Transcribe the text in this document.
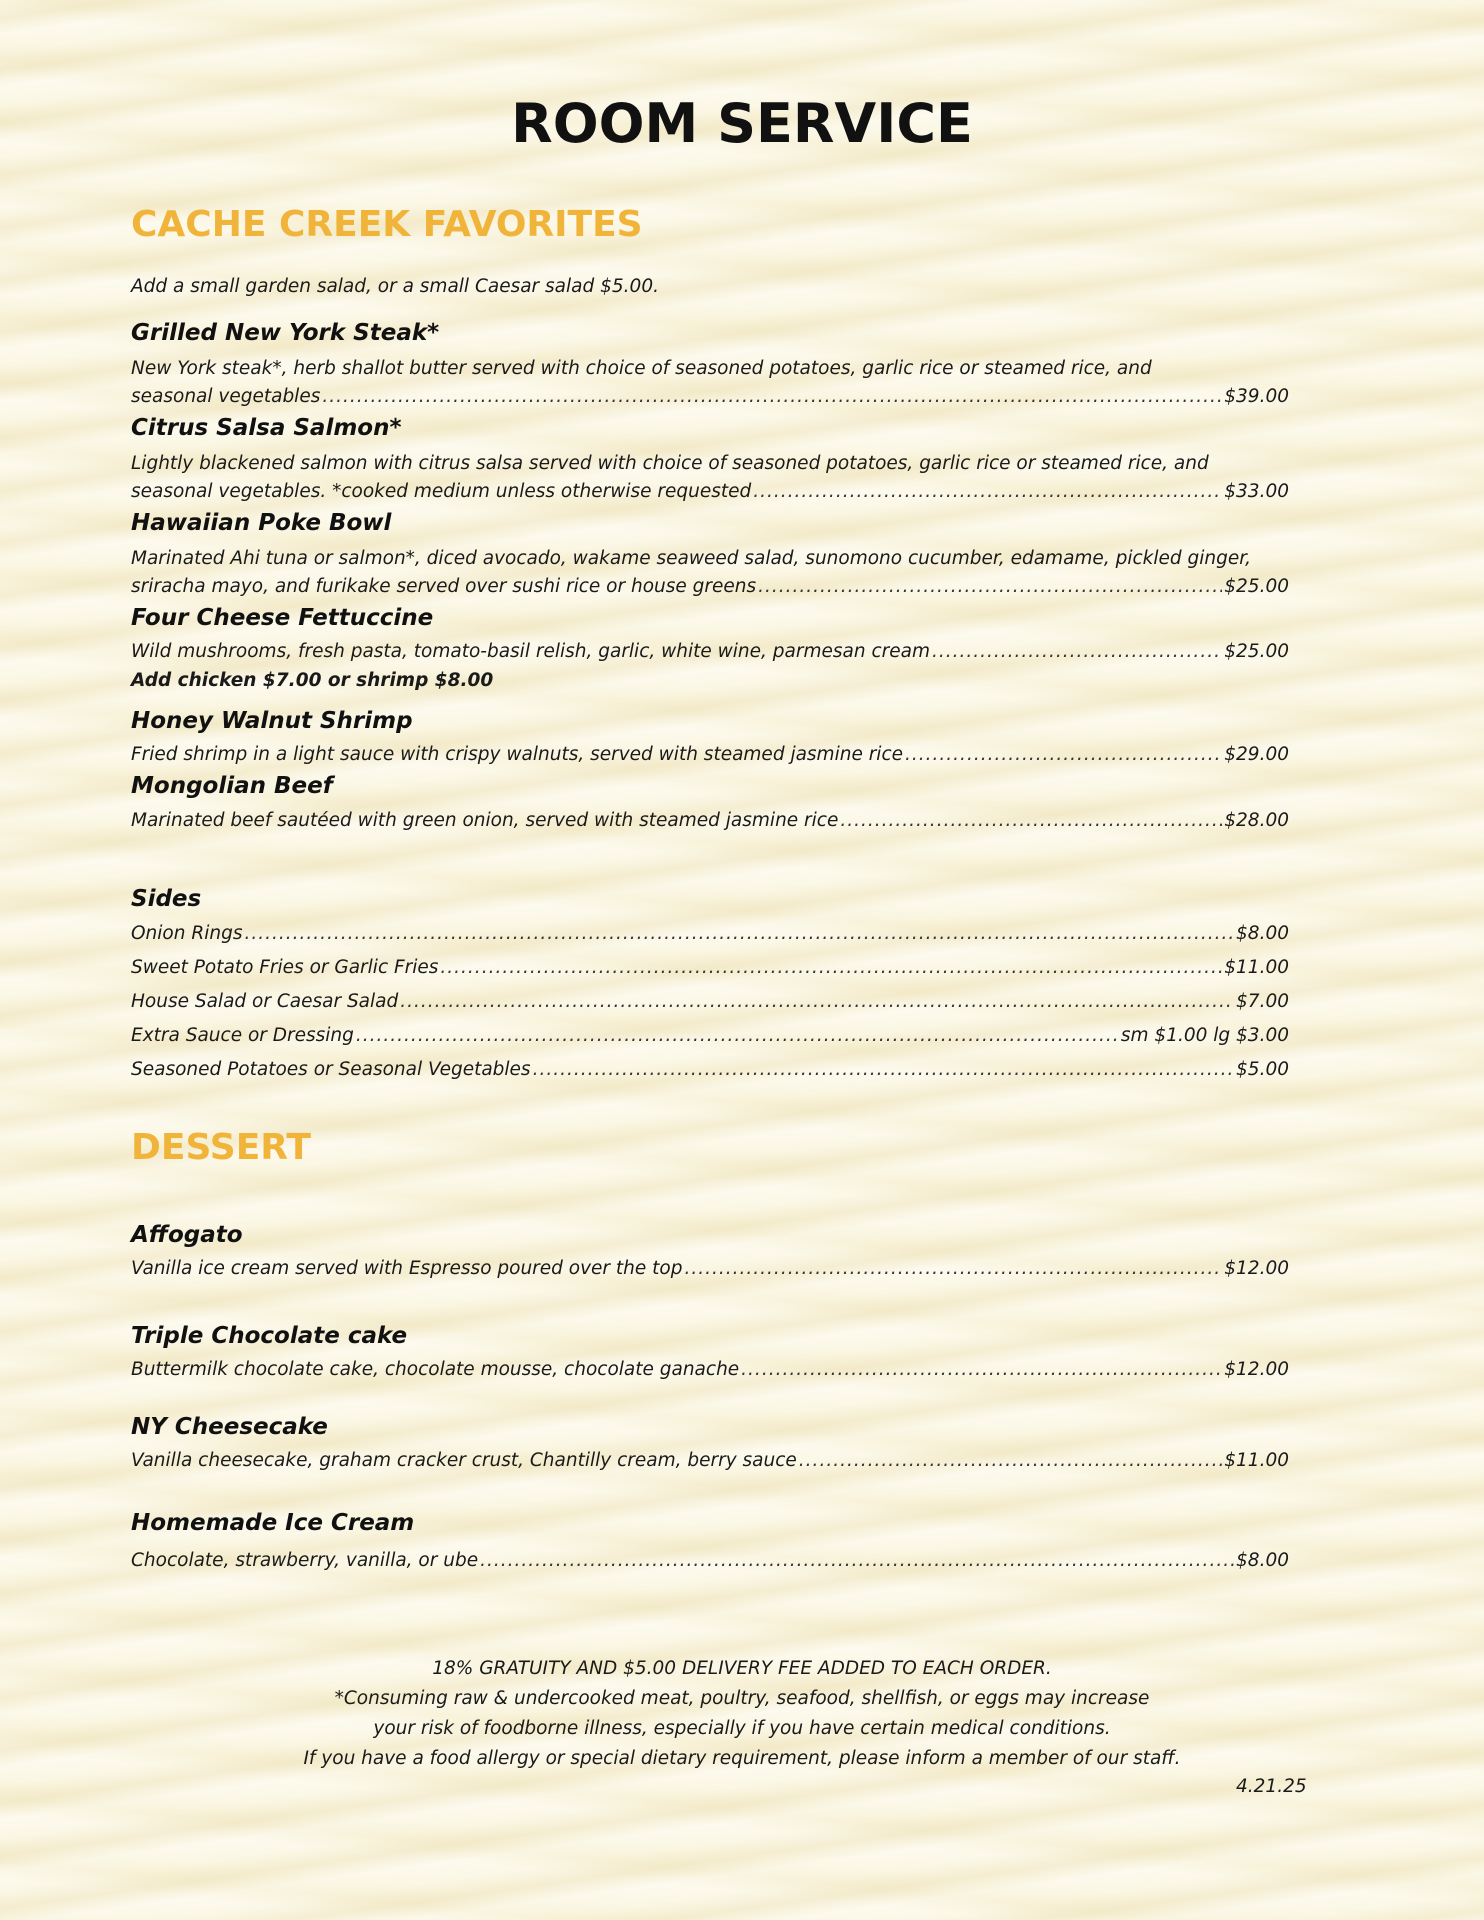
ROOM SERVICE
CACHE CREEK FAVORITES
Add a small garden salad, or a small Caesar salad $5.00.
Grilled New York Steak*
New York steak*, herb shallot butter served with choice of seasoned potatoes, garlic rice or steamed rice, and
seasonal vegetables .....	$39.00
Citrus Salsa Salmon*
Lightly blackened salmon with citrus salsa served with choice of seasoned potatoes, garlic rice or steamed rice, and
seasonal vegetables. *cooked medium unless otherwise requested .....	$33.00
Hawaiian Poke Bowl
Marinated Ahi tuna or salmon*, diced avocado, wakame seaweed salad, sunomono cucumber, edamame, pickled ginger,
sriracha mayo, and furikake served over sushi rice or house greens .....	$25.00
Four Cheese Fettuccine
Wild mushrooms, fresh pasta, tomato-basil relish, garlic, white wine, parmesan cream .....	$25.00
Add chicken $7.00 or shrimp $8.00
Honey Walnut Shrimp
Fried shrimp in a light sauce with crispy walnuts, served with steamed jasmine rice .....	$29.00
Mongolian Beef
Marinated beef sautéed with green onion, served with steamed jasmine rice .....	$28.00
Sides
Onion Rings .....	$8.00
Sweet Potato Fries or Garlic Fries .....	$11.00
House Salad or Caesar Salad .....	$7.00
Extra Sauce or Dressing .....	sm $1.00 lg $3.00
Seasoned Potatoes or Seasonal Vegetables .....	$5.00
DESSERT
Affogato
Vanilla ice cream served with Espresso poured over the top .....	$12.00
Triple Chocolate cake
Buttermilk chocolate cake, chocolate mousse, chocolate ganache .....	$12.00
NY Cheesecake
Vanilla cheesecake, graham cracker crust, Chantilly cream, berry sauce .....	$11.00
Homemade Ice Cream
Chocolate, strawberry, vanilla, or ube .....	$8.00
18% GRATUITY AND $5.00 DELIVERY FEE ADDED TO EACH ORDER.
*Consuming raw & undercooked meat, poultry, seafood, shellfish, or eggs may increase
your risk of foodborne illness, especially if you have certain medical conditions.
If you have a food allergy or special dietary requirement, please inform a member of our staff.
4.21.25
